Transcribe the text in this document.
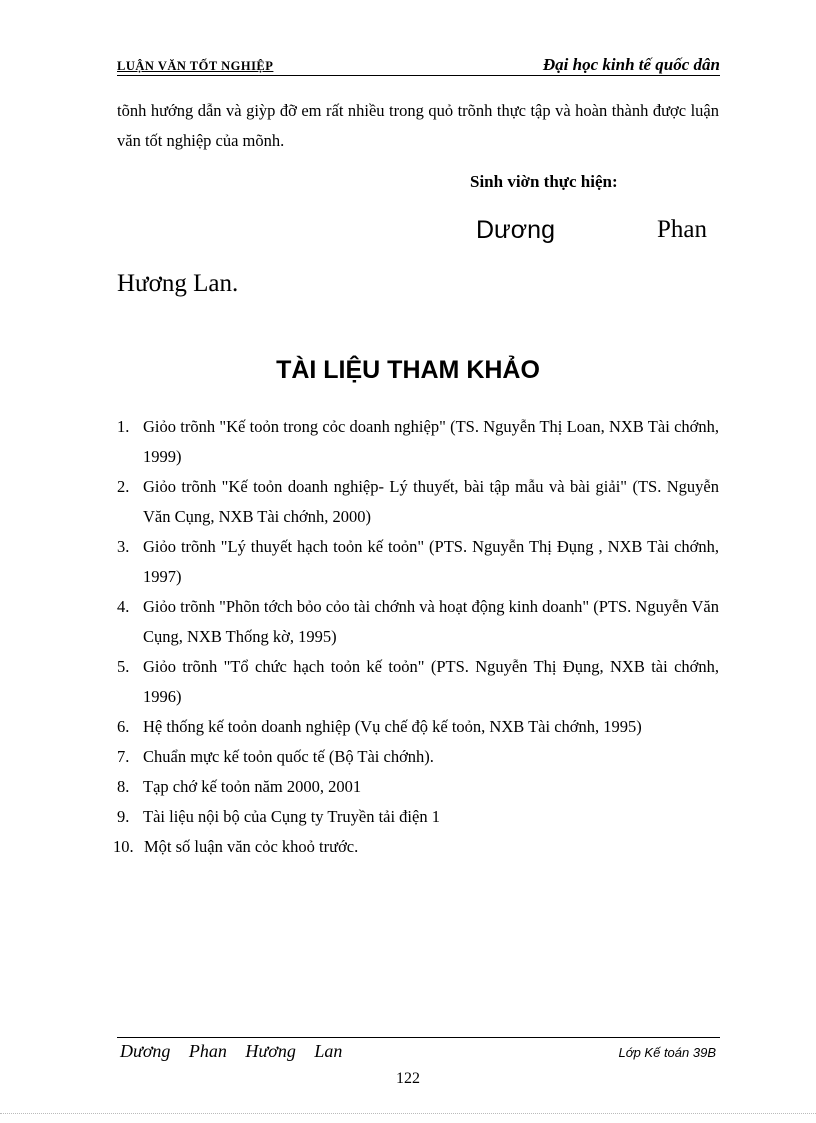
LUẬN VĂN TỐT NGHIỆP	Đại học kinh tế quốc dân
tõnh hướng dẫn và giỳp đỡ em rất nhiều trong quỏ trõnh thực tập và hoàn thành được luận văn tốt nghiệp của mõnh.
Sinh viờn thực hiện:
Dương	Phan
Hương Lan.
TÀI LIỆU THAM KHẢO
1. Giỏo trõnh "Kế toỏn trong cỏc doanh nghiệp" (TS. Nguyễn Thị Loan, NXB Tài chớnh, 1999)
2. Giỏo trõnh "Kế toỏn doanh nghiệp- Lý thuyết, bài tập mẫu và bài giải" (TS. Nguyễn Văn Cụng, NXB Tài chớnh, 2000)
3. Giỏo trõnh "Lý thuyết hạch toỏn kế toỏn" (PTS. Nguyễn Thị Đụng , NXB Tài chớnh, 1997)
4. Giỏo trõnh "Phõn tớch bỏo cỏo tài chớnh và hoạt động kinh doanh" (PTS. Nguyễn Văn Cụng, NXB Thống kờ, 1995)
5. Giỏo trõnh "Tổ chức hạch toỏn kế toỏn" (PTS. Nguyễn Thị Đụng, NXB tài chớnh, 1996)
6. Hệ thống kế toỏn doanh nghiệp (Vụ chế độ kế toỏn, NXB Tài chớnh, 1995)
7. Chuẩn mực kế toỏn quốc tế (Bộ Tài chớnh).
8. Tạp chớ kế toỏn năm 2000, 2001
9. Tài liệu nội bộ của Cụng ty Truyền tải điện 1
10. Một số luận văn cỏc khoỏ trước.
Dương Phan Hương Lan	Lớp Kế toán 39B
122
